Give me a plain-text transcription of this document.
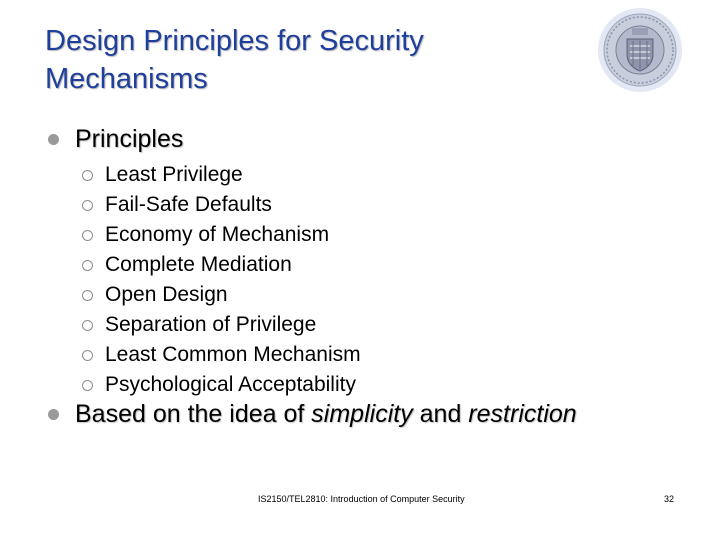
Design Principles for Security
Mechanisms
Principles
Least Privilege
Fail-Safe Defaults
Economy of Mechanism
Complete Mediation
Open Design
Separation of Privilege
Least Common Mechanism
Psychological Acceptability
Based on the idea of simplicity and restriction
IS2150/TEL2810: Introduction of Computer Security	32
